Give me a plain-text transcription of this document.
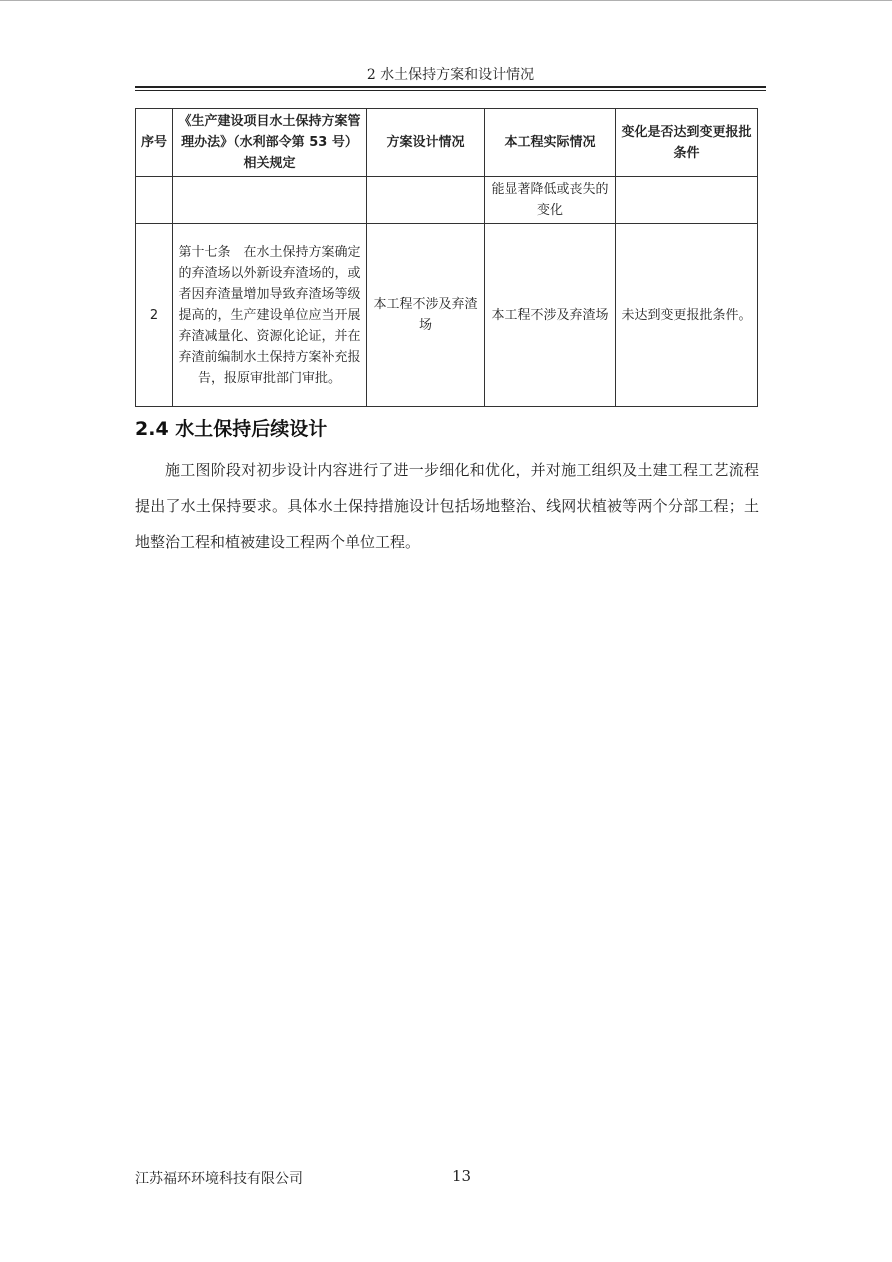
2 水土保持方案和设计情况
序号	《生产建设项目水土保持方案管理办法》（水利部令第 53 号）相关规定	方案设计情况	本工程实际情况	变化是否达到变更报批条件
			能显著降低或丧失的变化	
2	第十七条　在水土保持方案确定的弃渣场以外新设弃渣场的，或者因弃渣量增加导致弃渣场等级提高的，生产建设单位应当开展弃渣减量化、资源化论证，并在弃渣前编制水土保持方案补充报告，报原审批部门审批。	本工程不涉及弃渣场	本工程不涉及弃渣场	未达到变更报批条件。
2.4 水土保持后续设计
施工图阶段对初步设计内容进行了进一步细化和优化，并对施工组织及土建工程工艺流程提出了水土保持要求。具体水土保持措施设计包括场地整治、线网状植被等两个分部工程；土地整治工程和植被建设工程两个单位工程。
江苏福环环境科技有限公司	13
